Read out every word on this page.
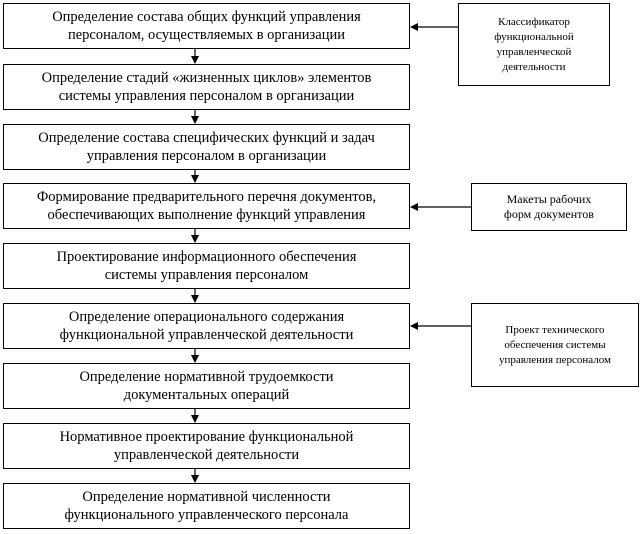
Определение состава общих функций управления
персоналом, осуществляемых в организации
Определение стадий «жизненных циклов» элементов
системы управления персоналом в организации
Определение состава специфических функций и задач
управления персоналом в организации
Формирование предварительного перечня документов,
обеспечивающих выполнение функций управления
Проектирование информационного обеспечения
системы управления персоналом
Определение операционального содержания
функциональной управленческой деятельности
Определение нормативной трудоемкости
документальных операций
Нормативное проектирование функциональной
управленческой деятельности
Определение нормативной численности
функционального управленческого персонала
Классификатор
функциональной
управленческой
деятельности
Макеты рабочих
форм документов
Проект технического
обеспечения системы
управления персоналом
